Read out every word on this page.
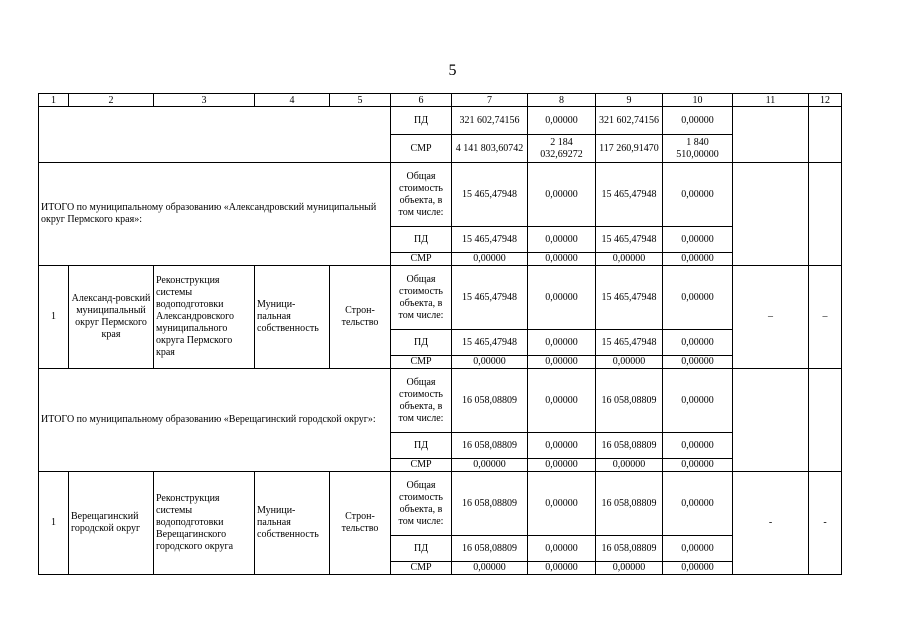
5
1	2	3	4	5	6	7	8	9	10	11	12
					ПД	321 602,74156	0,00000	321 602,74156	0,00000		
					СМР	4 141 803,60742	2 184 032,69272	117 260,91470	1 840 510,00000		
ИТОГО по муниципальному образованию «Александровский муниципальный округ Пермского края»:					Общая стоимость объекта, в том числе:	15 465,47948	0,00000	15 465,47948	0,00000		
					ПД	15 465,47948	0,00000	15 465,47948	0,00000		
					СМР	0,00000	0,00000	0,00000	0,00000		
1	Александ-ровский муниципальный округ Пермского края	Реконструкция системы водоподготовки Александровского муниципального округа Пермского края	Муници-пальная собственность	Строн-тельство	Общая стоимость объекта, в том числе:	15 465,47948	0,00000	15 465,47948	0,00000	–	–
					ПД	15 465,47948	0,00000	15 465,47948	0,00000		
					СМР	0,00000	0,00000	0,00000	0,00000		
ИТОГО по муниципальному образованию «Верещагинский городской округ»:					Общая стоимость объекта, в том числе:	16 058,08809	0,00000	16 058,08809	0,00000		
					ПД	16 058,08809	0,00000	16 058,08809	0,00000		
					СМР	0,00000	0,00000	0,00000	0,00000		
1	Верещагинский городской округ	Реконструкция системы водоподготовки Верещагинского городского округа	Муници-пальная собственность	Строн-тельство	Общая стоимость объекта, в том числе:	16 058,08809	0,00000	16 058,08809	0,00000	-	-
					ПД	16 058,08809	0,00000	16 058,08809	0,00000		
					СМР	0,00000	0,00000	0,00000	0,00000		
